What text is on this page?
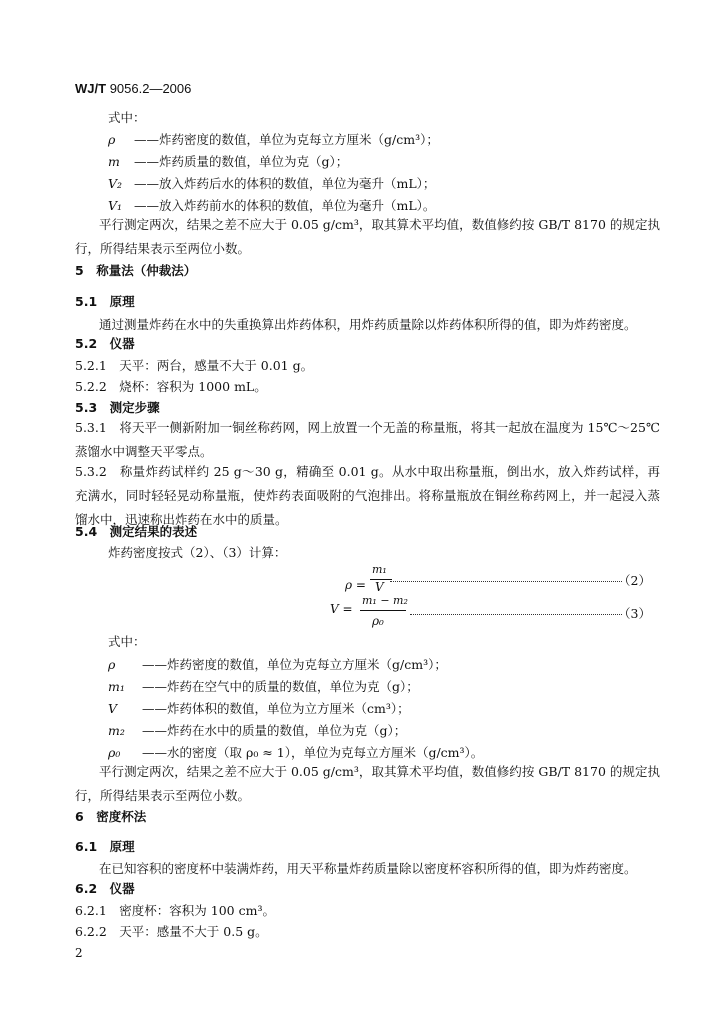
WJ/T 9056.2—2006
式中：
ρ ——炸药密度的数值，单位为克每立方厘米（g/cm³）；
m ——炸药质量的数值，单位为克（g）；
V₂ ——放入炸药后水的体积的数值，单位为毫升（mL）；
V₁ ——放入炸药前水的体积的数值，单位为毫升（mL）。
平行测定两次，结果之差不应大于 0.05 g/cm³，取其算术平均值，数值修约按 GB/T 8170 的规定执行，所得结果表示至两位小数。
5　称量法（仲裁法）
5.1　原理
通过测量炸药在水中的失重换算出炸药体积，用炸药质量除以炸药体积所得的值，即为炸药密度。
5.2　仪器
5.2.1　天平：两台，感量不大于 0.01 g。
5.2.2　烧杯：容积为 1000 mL。
5.3　测定步骤
5.3.1　将天平一侧新附加一铜丝称药网，网上放置一个无盖的称量瓶，将其一起放在温度为 15℃～25℃蒸馏水中调整天平零点。
5.3.2　称量炸药试样约 25 g～30 g，精确至 0.01 g。从水中取出称量瓶，倒出水，放入炸药试样，再充满水，同时轻轻晃动称量瓶，使炸药表面吸附的气泡排出。将称量瓶放在铜丝称药网上，并一起浸入蒸馏水中，迅速称出炸药在水中的质量。
5.4　测定结果的表述
炸药密度按式（2）、（3）计算：
ρ =
m₁
V	（2）
V =
m₁ − m₂
ρ₀	（3）
式中：
ρ ——炸药密度的数值，单位为克每立方厘米（g/cm³）；
m₁ ——炸药在空气中的质量的数值，单位为克（g）；
V ——炸药体积的数值，单位为立方厘米（cm³）；
m₂ ——炸药在水中的质量的数值，单位为克（g）；
ρ₀ ——水的密度（取 ρ₀ ≈ 1），单位为克每立方厘米（g/cm³）。
平行测定两次，结果之差不应大于 0.05 g/cm³，取其算术平均值，数值修约按 GB/T 8170 的规定执行，所得结果表示至两位小数。
6　密度杯法
6.1　原理
在已知容积的密度杯中装满炸药，用天平称量炸药质量除以密度杯容积所得的值，即为炸药密度。
6.2　仪器
6.2.1　密度杯：容积为 100 cm³。
6.2.2　天平：感量不大于 0.5 g。
2
